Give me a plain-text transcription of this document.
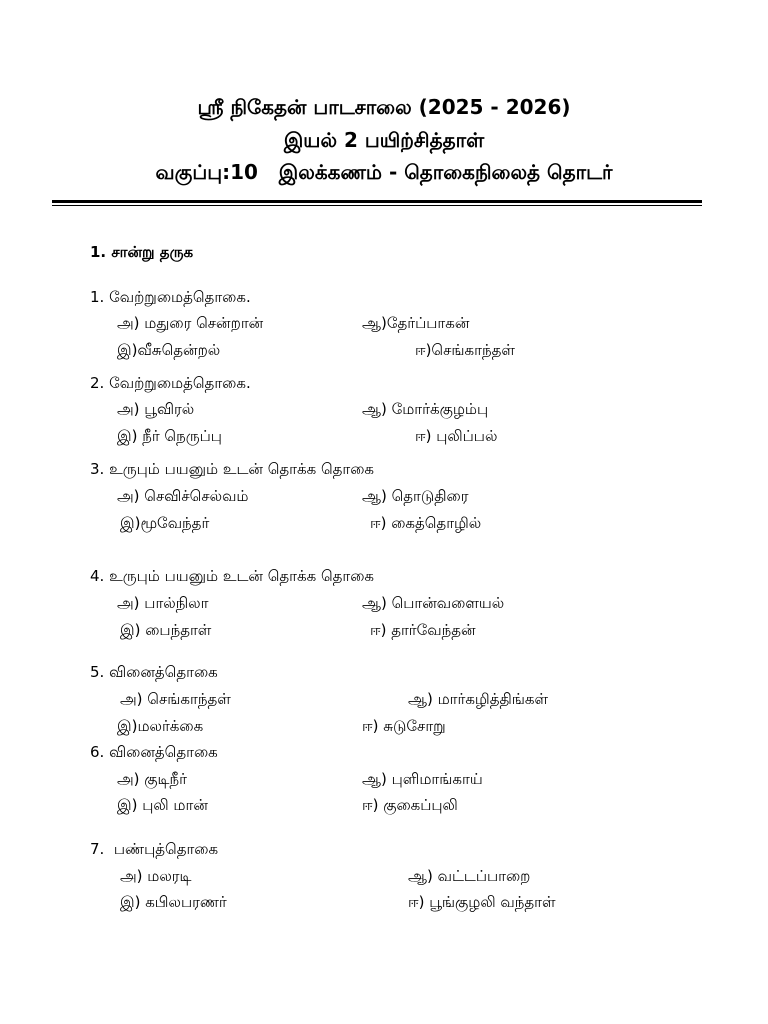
ஸ்ரீ நிகேதன் பாடசாலை (2025 - 2026)
இயல் 2 பயிற்சித்தாள்
வகுப்பு:10   இலக்கணம் - தொகைநிலைத் தொடர்
1. சான்று தருக
1. வேற்றுமைத்தொகை.
அ) மதுரை சென்றான்	ஆ)தேர்ப்பாகன்
இ)வீசுதென்றல்	ஈ)செங்காந்தள்
2. வேற்றுமைத்தொகை.
அ) பூவிரல்	ஆ) மோர்க்குழம்பு
இ) நீர் நெருப்பு	ஈ) புலிப்பல்
3. உருபும் பயனும் உடன் தொக்க தொகை
அ) செவிச்செல்வம்	ஆ) தொடுதிரை
இ)மூவேந்தர்	ஈ) கைத்தொழில்
4. உருபும் பயனும் உடன் தொக்க தொகை
அ) பால்நிலா	ஆ) பொன்வளையல்
இ) பைந்தாள்	ஈ) தார்வேந்தன்
5. வினைத்தொகை
அ) செங்காந்தள்	ஆ) மார்கழித்திங்கள்
இ)மலர்க்கை	ஈ) சுடுசோறு
6. வினைத்தொகை
அ) குடிநீர்	ஆ) புளிமாங்காய்
இ) புலி மான்	ஈ) குகைப்புலி
7.  பண்புத்தொகை
அ) மலரடி	ஆ) வட்டப்பாறை
இ) கபிலபரணர்	ஈ) பூங்குழலி வந்தாள்
